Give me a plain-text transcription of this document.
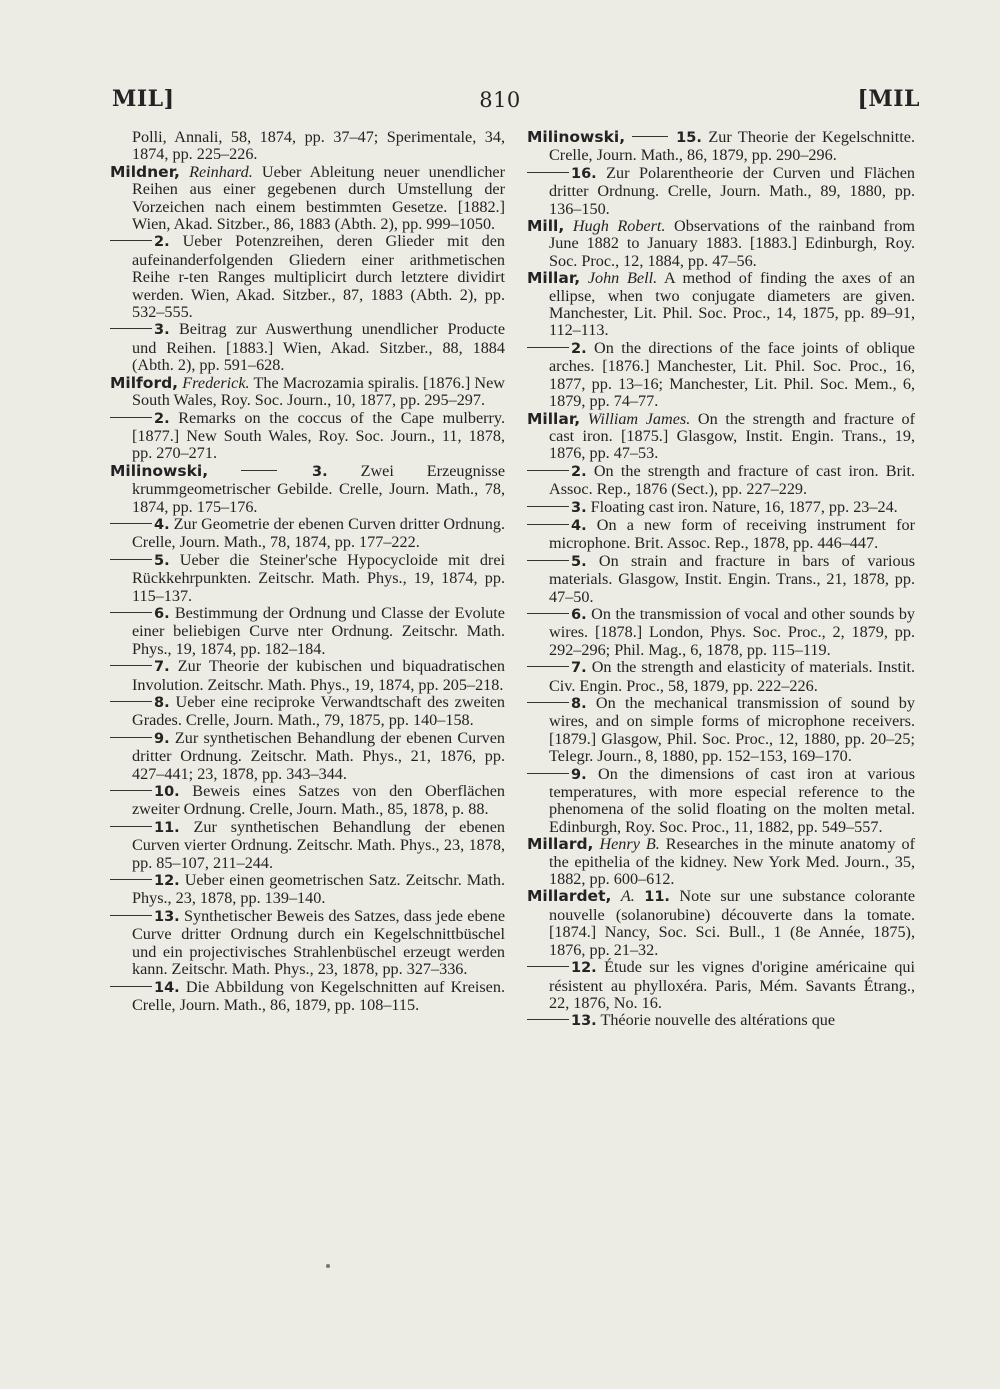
MIL]	810	[MIL

Polli, Annali, 58, 1874, pp. 37–47; Sperimentale, 34, 1874, pp. 225–226.

Mildner, Reinhard. Ueber Ableitung neuer unendlicher Reihen aus einer gegebenen durch Umstellung der Vorzeichen nach einem bestimmten Gesetze. [1882.] Wien, Akad. Sitzber., 86, 1883 (Abth. 2), pp. 999–1050.

2. Ueber Potenzreihen, deren Glieder mit den aufeinanderfolgenden Gliedern einer arithmetischen Reihe r-ten Ranges multiplicirt durch letztere dividirt werden. Wien, Akad. Sitzber., 87, 1883 (Abth. 2), pp. 532–555.

3. Beitrag zur Auswerthung unendlicher Producte und Reihen. [1883.] Wien, Akad. Sitzber., 88, 1884 (Abth. 2), pp. 591–628.

Milford, Frederick. The Macrozamia spiralis. [1876.] New South Wales, Roy. Soc. Journ., 10, 1877, pp. 295–297.

2. Remarks on the coccus of the Cape mulberry. [1877.] New South Wales, Roy. Soc. Journ., 11, 1878, pp. 270–271.

Milinowski,	3. Zwei Erzeugnisse krummgeometrischer Gebilde. Crelle, Journ. Math., 78, 1874, pp. 175–176.

4. Zur Geometrie der ebenen Curven dritter Ordnung. Crelle, Journ. Math., 78, 1874, pp. 177–222.

5. Ueber die Steiner'sche Hypocycloide mit drei Rückkehrpunkten. Zeitschr. Math. Phys., 19, 1874, pp. 115–137.

6. Bestimmung der Ordnung und Classe der Evolute einer beliebigen Curve nter Ordnung. Zeitschr. Math. Phys., 19, 1874, pp. 182–184.

7. Zur Theorie der kubischen und biquadratischen Involution. Zeitschr. Math. Phys., 19, 1874, pp. 205–218.

8. Ueber eine reciproke Verwandtschaft des zweiten Grades. Crelle, Journ. Math., 79, 1875, pp. 140–158.

9. Zur synthetischen Behandlung der ebenen Curven dritter Ordnung. Zeitschr. Math. Phys., 21, 1876, pp. 427–441; 23, 1878, pp. 343–344.

10. Beweis eines Satzes von den Oberflächen zweiter Ordnung. Crelle, Journ. Math., 85, 1878, p. 88.

11. Zur synthetischen Behandlung der ebenen Curven vierter Ordnung. Zeitschr. Math. Phys., 23, 1878, pp. 85–107, 211–244.

12. Ueber einen geometrischen Satz. Zeitschr. Math. Phys., 23, 1878, pp. 139–140.

13. Synthetischer Beweis des Satzes, dass jede ebene Curve dritter Ordnung durch ein Kegelschnittbüschel und ein projectivisches Strahlenbüschel erzeugt werden kann. Zeitschr. Math. Phys., 23, 1878, pp. 327–336.

14. Die Abbildung von Kegelschnitten auf Kreisen. Crelle, Journ. Math., 86, 1879, pp. 108–115.

Milinowski,	15. Zur Theorie der Kegelschnitte. Crelle, Journ. Math., 86, 1879, pp. 290–296.

16. Zur Polarentheorie der Curven und Flächen dritter Ordnung. Crelle, Journ. Math., 89, 1880, pp. 136–150.

Mill, Hugh Robert. Observations of the rainband from June 1882 to January 1883. [1883.] Edinburgh, Roy. Soc. Proc., 12, 1884, pp. 47–56.

Millar, John Bell. A method of finding the axes of an ellipse, when two conjugate diameters are given. Manchester, Lit. Phil. Soc. Proc., 14, 1875, pp. 89–91, 112–113.

2. On the directions of the face joints of oblique arches. [1876.] Manchester, Lit. Phil. Soc. Proc., 16, 1877, pp. 13–16; Manchester, Lit. Phil. Soc. Mem., 6, 1879, pp. 74–77.

Millar, William James. On the strength and fracture of cast iron. [1875.] Glasgow, Instit. Engin. Trans., 19, 1876, pp. 47–53.

2. On the strength and fracture of cast iron. Brit. Assoc. Rep., 1876 (Sect.), pp. 227–229.

3. Floating cast iron. Nature, 16, 1877, pp. 23–24.

4. On a new form of receiving instrument for microphone. Brit. Assoc. Rep., 1878, pp. 446–447.

5. On strain and fracture in bars of various materials. Glasgow, Instit. Engin. Trans., 21, 1878, pp. 47–50.

6. On the transmission of vocal and other sounds by wires. [1878.] London, Phys. Soc. Proc., 2, 1879, pp. 292–296; Phil. Mag., 6, 1878, pp. 115–119.

7. On the strength and elasticity of materials. Instit. Civ. Engin. Proc., 58, 1879, pp. 222–226.

8. On the mechanical transmission of sound by wires, and on simple forms of microphone receivers. [1879.] Glasgow, Phil. Soc. Proc., 12, 1880, pp. 20–25; Telegr. Journ., 8, 1880, pp. 152–153, 169–170.

9. On the dimensions of cast iron at various temperatures, with more especial reference to the phenomena of the solid floating on the molten metal. Edinburgh, Roy. Soc. Proc., 11, 1882, pp. 549–557.

Millard, Henry B. Researches in the minute anatomy of the epithelia of the kidney. New York Med. Journ., 35, 1882, pp. 600–612.

Millardet, A. 11. Note sur une substance colorante nouvelle (solanorubine) découverte dans la tomate. [1874.] Nancy, Soc. Sci. Bull., 1 (8e Année, 1875), 1876, pp. 21–32.

12. Étude sur les vignes d'origine américaine qui résistent au phylloxéra. Paris, Mém. Savants Étrang., 22, 1876, No. 16.

13. Théorie nouvelle des altérations que
